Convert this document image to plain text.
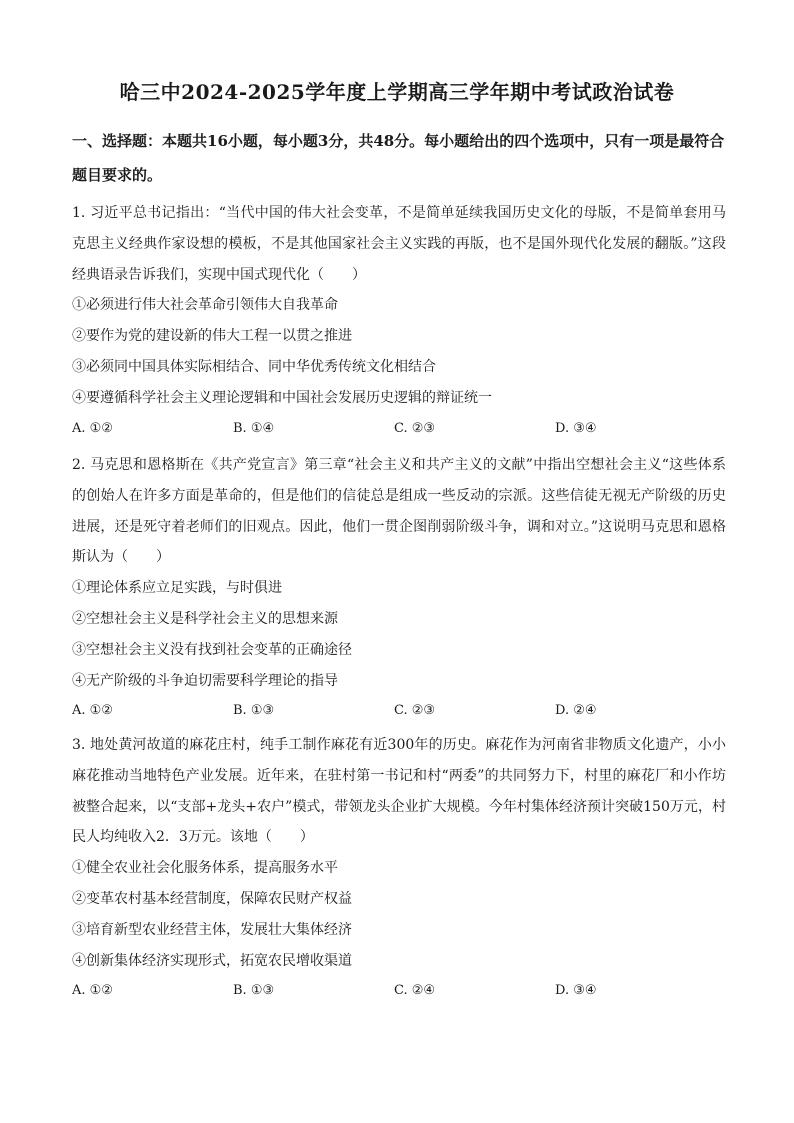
哈三中2024-2025学年度上学期高三学年期中考试政治试卷
一、选择题：本题共16小题，每小题3分，共48分。每小题给出的四个选项中，只有一项是最符合题目要求的。

1. 习近平总书记指出：“当代中国的伟大社会变革，不是简单延续我国历史文化的母版，不是简单套用马克思主义经典作家设想的模板，不是其他国家社会主义实践的再版，也不是国外现代化发展的翻版。”这段经典语录告诉我们，实现中国式现代化（　　）

①必须进行伟大社会革命引领伟大自我革命

②要作为党的建设新的伟大工程一以贯之推进

③必须同中国具体实际相结合、同中华优秀传统文化相结合

④要遵循科学社会主义理论逻辑和中国社会发展历史逻辑的辩证统一

A. ①②	B. ①④	C. ②③	D. ③④

2. 马克思和恩格斯在《共产党宣言》第三章“社会主义和共产主义的文献”中指出空想社会主义“这些体系的创始人在许多方面是革命的，但是他们的信徒总是组成一些反动的宗派。这些信徒无视无产阶级的历史进展，还是死守着老师们的旧观点。因此，他们一贯企图削弱阶级斗争，调和对立。”这说明马克思和恩格斯认为（　　）

①理论体系应立足实践，与时俱进

②空想社会主义是科学社会主义的思想来源

③空想社会主义没有找到社会变革的正确途径

④无产阶级的斗争迫切需要科学理论的指导

A. ①②	B. ①③	C. ②③	D. ②④

3. 地处黄河故道的麻花庄村，纯手工制作麻花有近300年的历史。麻花作为河南省非物质文化遗产，小小麻花推动当地特色产业发展。近年来，在驻村第一书记和村“两委”的共同努力下，村里的麻花厂和小作坊被整合起来，以“支部+龙头+农户”模式，带领龙头企业扩大规模。今年村集体经济预计突破150万元，村民人均纯收入2．3万元。该地（　　）

①健全农业社会化服务体系，提高服务水平

②变革农村基本经营制度，保障农民财产权益

③培育新型农业经营主体，发展壮大集体经济

④创新集体经济实现形式，拓宽农民增收渠道

A. ①②	B. ①③	C. ②④	D. ③④
